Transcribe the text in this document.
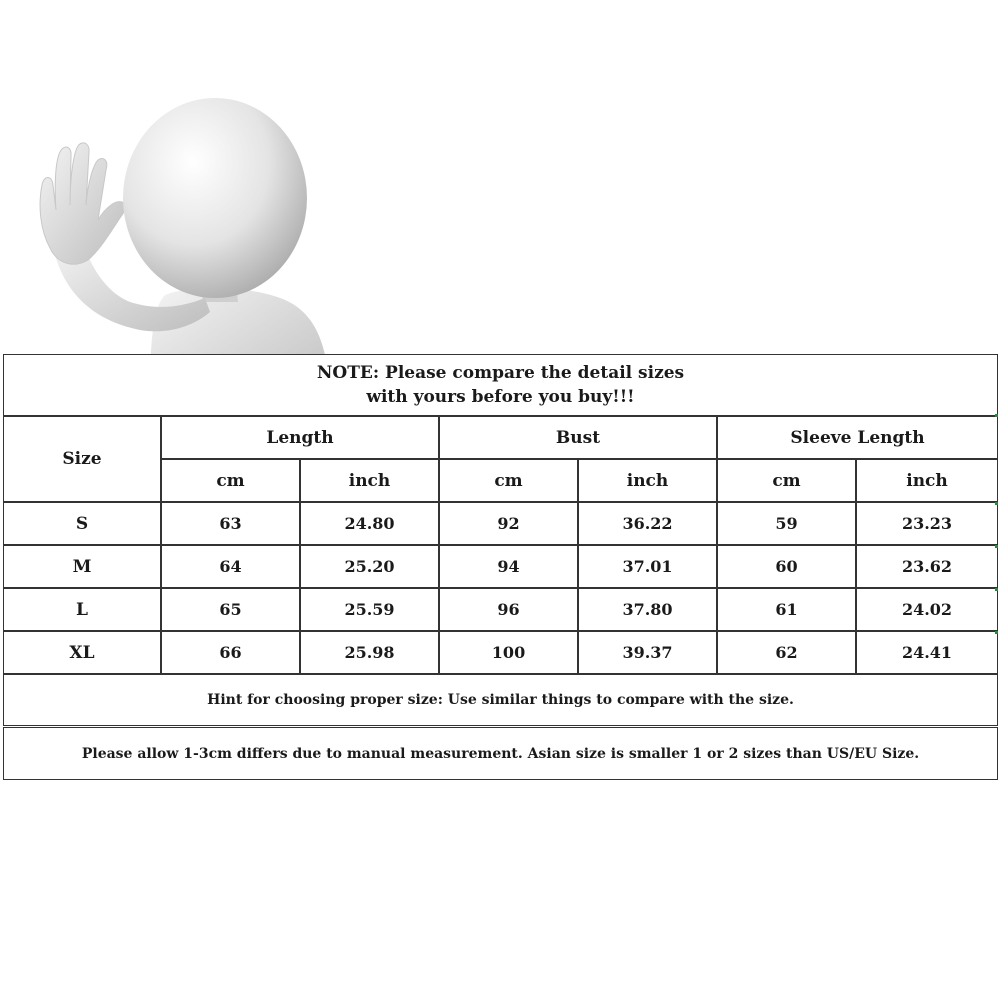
NOTE: Please compare the detail sizes
with yours before you buy!!!
Size
Length	Bust	Sleeve Length
cm	inch	cm	inch	cm	inch
S	63	24.80	92	36.22	59	23.23
M	64	25.20	94	37.01	60	23.62
L	65	25.59	96	37.80	61	24.02
XL	66	25.98	100	39.37	62	24.41
Hint for choosing proper size: Use similar things to compare with the size.
Please allow 1-3cm differs due to manual measurement. Asian size is smaller 1 or 2 sizes than US/EU Size.
